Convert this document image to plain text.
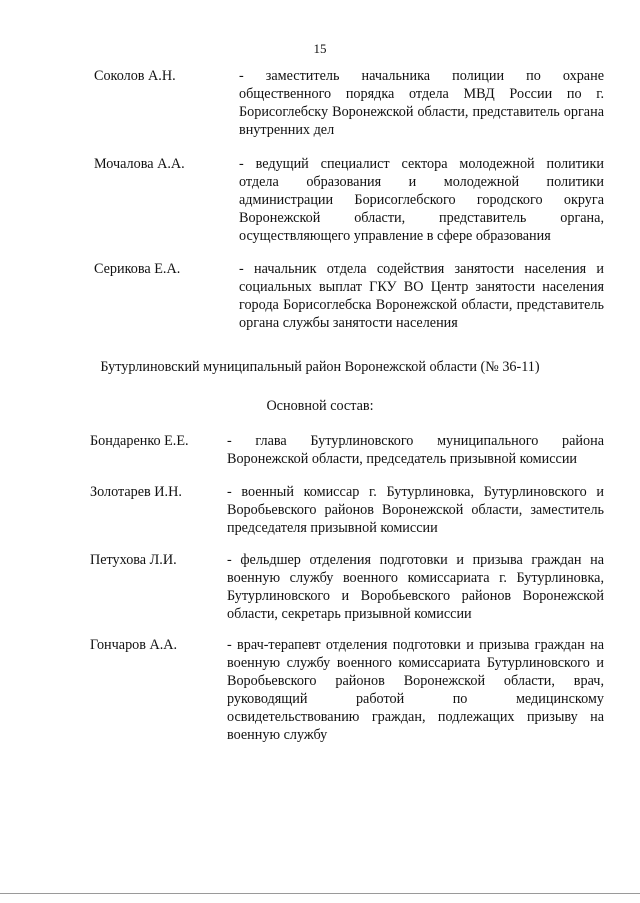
15
Соколов А.Н.	- заместитель начальника полиции по охране общественного порядка отдела МВД России по г. Борисоглебску Воронежской области, представитель органа внутренних дел
Мочалова А.А.	- ведущий специалист сектора молодежной политики отдела образования и молодежной политики администрации Борисоглебского городского округа Воронежской области, представитель органа, осуществляющего управление в сфере образования
Серикова Е.А.	- начальник отдела содействия занятости населения и социальных выплат ГКУ ВО Центр занятости населения города Борисоглебска Воронежской области, представитель органа службы занятости населения
Бутурлиновский муниципальный район Воронежской области (№ 36-11)
Основной состав:
Бондаренко Е.Е.	- глава Бутурлиновского муниципального района Воронежской области, председатель призывной комиссии
Золотарев И.Н.	- военный комиссар г. Бутурлиновка, Бутурлиновского и Воробьевского районов Воронежской области, заместитель председателя призывной комиссии
Петухова Л.И.	- фельдшер отделения подготовки и призыва граждан на военную службу военного комиссариата г. Бутурлиновка, Бутурлиновского и Воробьевского районов Воронежской области, секретарь призывной комиссии
Гончаров А.А.	- врач-терапевт отделения подготовки и призыва граждан на военную службу военного комиссариата Бутурлиновского и Воробьевского районов Воронежской области, врач, руководящий работой по медицинскому освидетельствованию граждан, подлежащих призыву на военную службу
